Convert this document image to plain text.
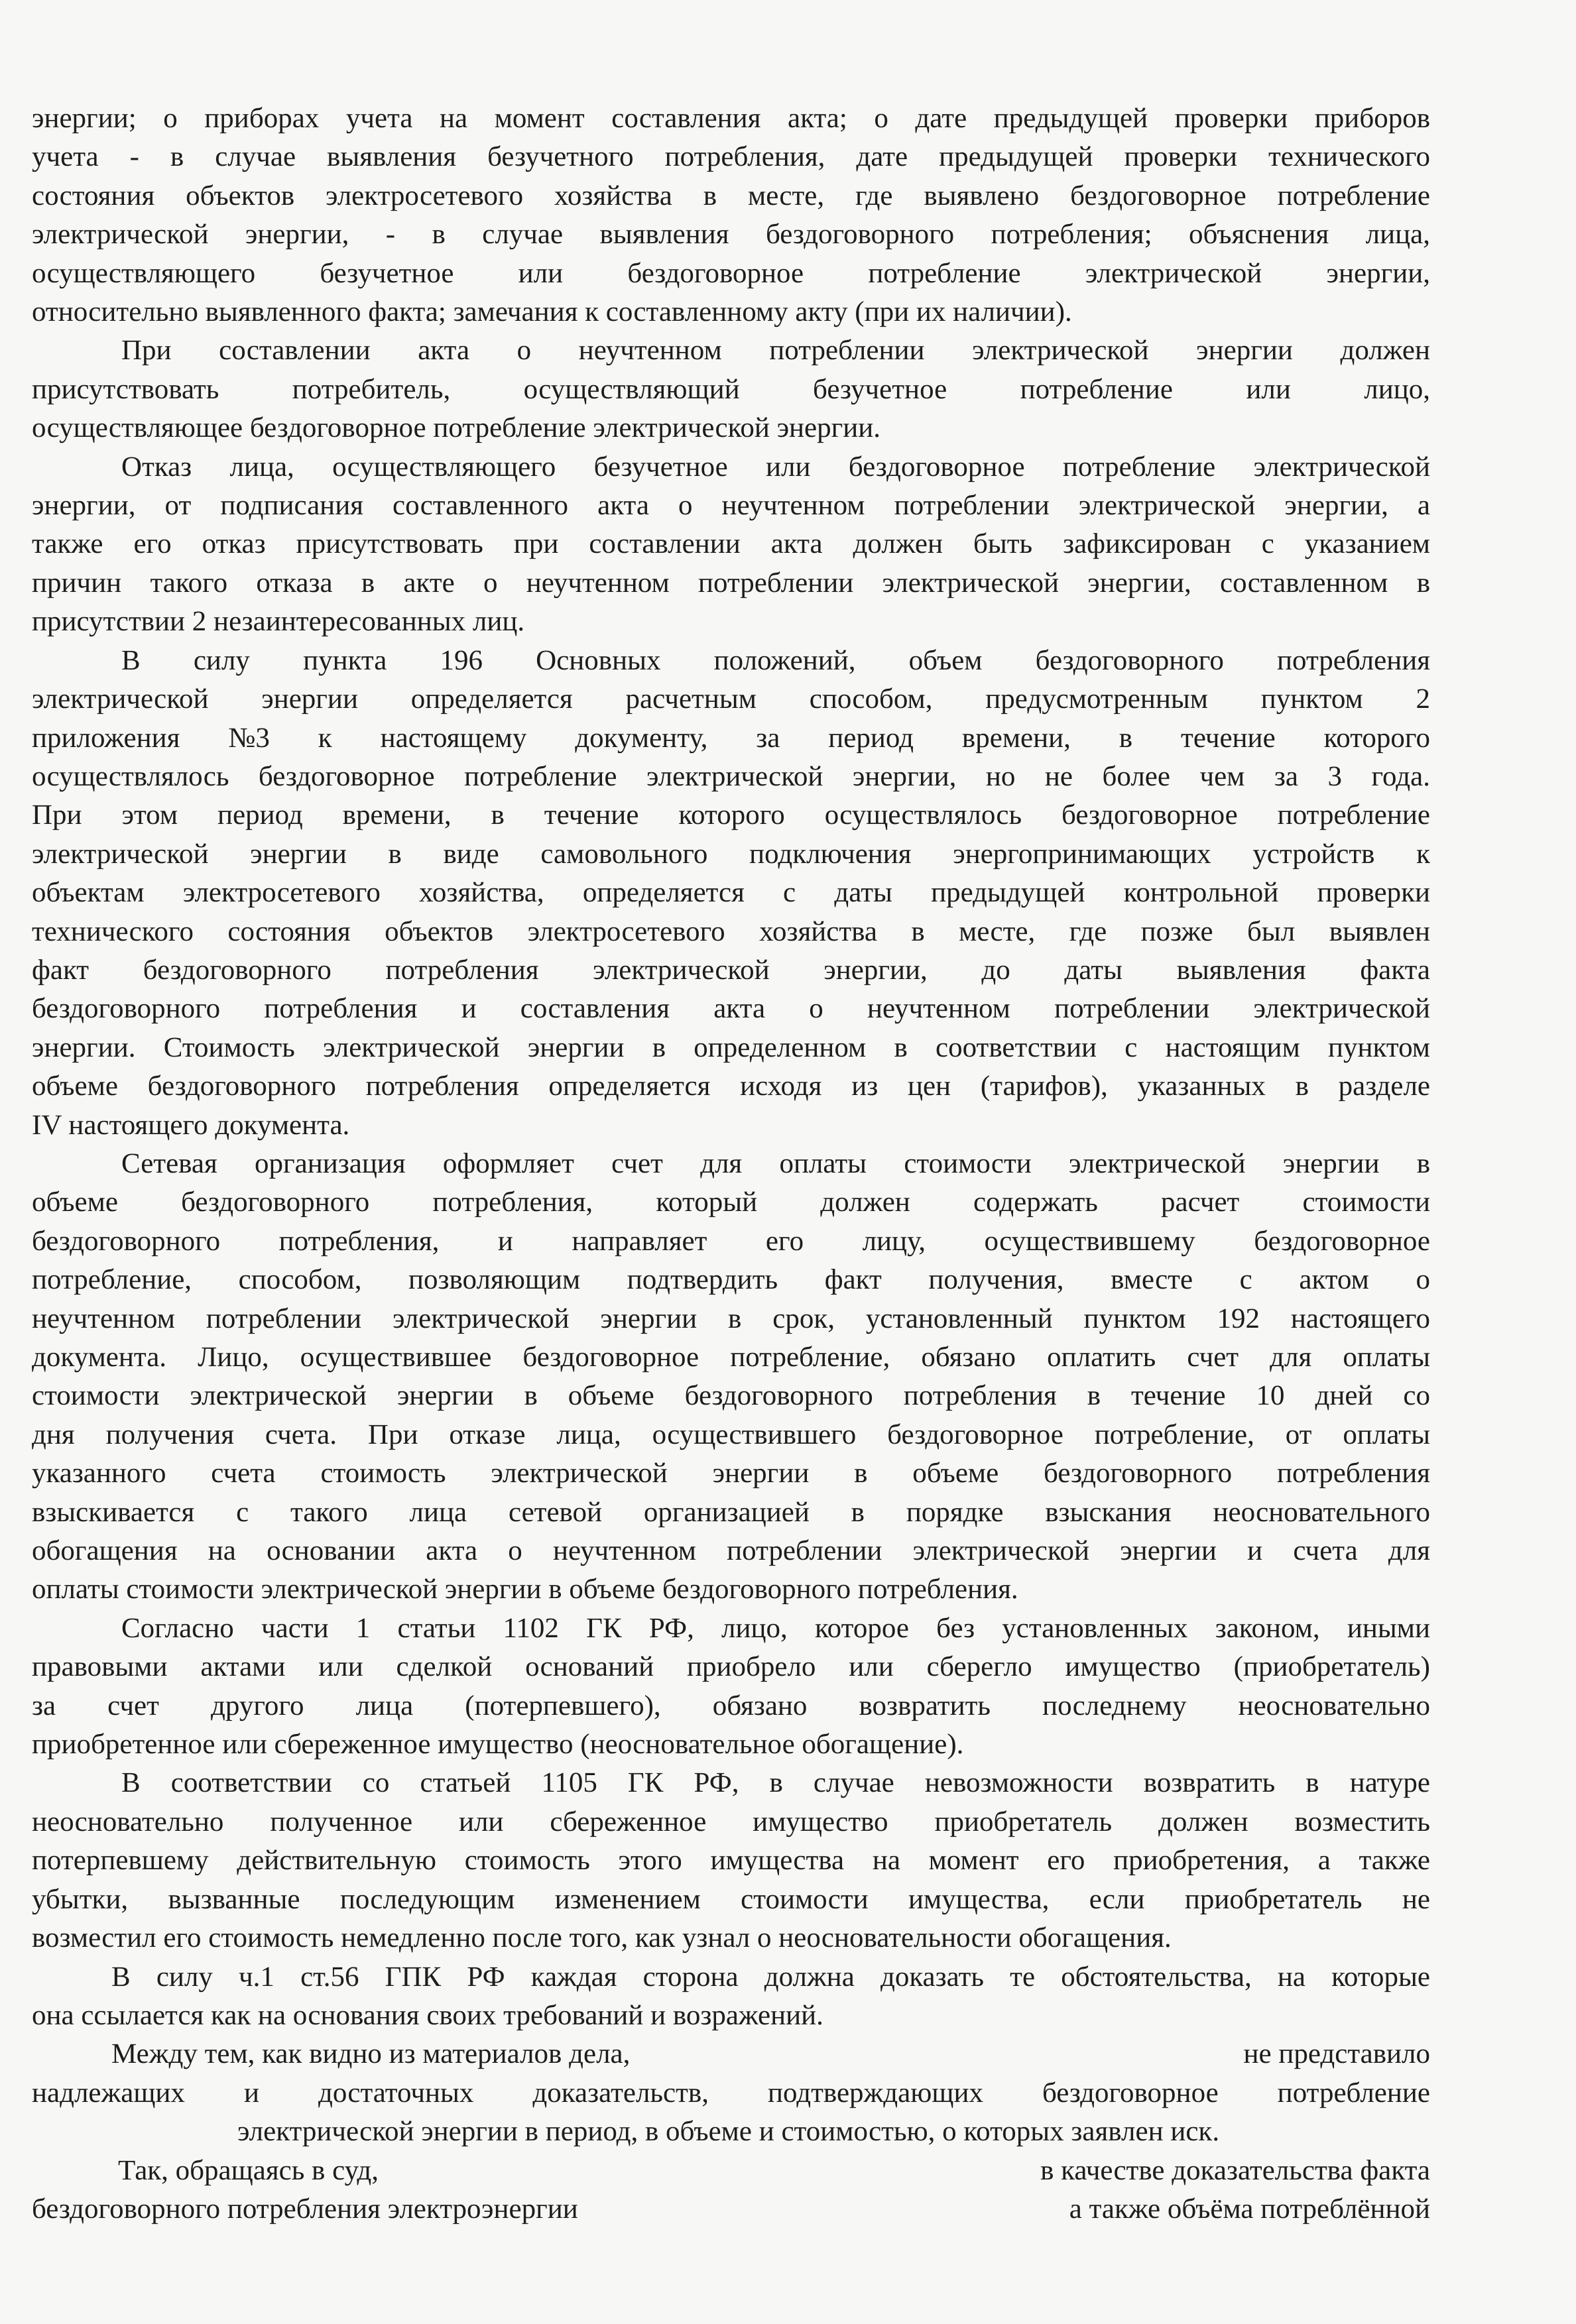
энергии; о приборах учета на момент составления акта; о дате предыдущей проверки приборов
учета - в случае выявления безучетного потребления, дате предыдущей проверки технического
состояния объектов электросетевого хозяйства в месте, где выявлено бездоговорное потребление
электрической энергии, - в случае выявления бездоговорного потребления; объяснения лица,
осуществляющего безучетное или бездоговорное потребление электрической энергии,
относительно выявленного факта; замечания к составленному акту (при их наличии).
При составлении акта о неучтенном потреблении электрической энергии должен
присутствовать потребитель, осуществляющий безучетное потребление или лицо,
осуществляющее бездоговорное потребление электрической энергии.
Отказ лица, осуществляющего безучетное или бездоговорное потребление электрической
энергии, от подписания составленного акта о неучтенном потреблении электрической энергии, а
также его отказ присутствовать при составлении акта должен быть зафиксирован с указанием
причин такого отказа в акте о неучтенном потреблении электрической энергии, составленном в
присутствии 2 незаинтересованных лиц.
В силу пункта 196 Основных положений, объем бездоговорного потребления
электрической энергии определяется расчетным способом, предусмотренным пунктом 2
приложения №3 к настоящему документу, за период времени, в течение которого
осуществлялось бездоговорное потребление электрической энергии, но не более чем за 3 года.
При этом период времени, в течение которого осуществлялось бездоговорное потребление
электрической энергии в виде самовольного подключения энергопринимающих устройств к
объектам электросетевого хозяйства, определяется с даты предыдущей контрольной проверки
технического состояния объектов электросетевого хозяйства в месте, где позже был выявлен
факт бездоговорного потребления электрической энергии, до даты выявления факта
бездоговорного потребления и составления акта о неучтенном потреблении электрической
энергии. Стоимость электрической энергии в определенном в соответствии с настоящим пунктом
объеме бездоговорного потребления определяется исходя из цен (тарифов), указанных в разделе
IV настоящего документа.
Сетевая организация оформляет счет для оплаты стоимости электрической энергии в
объеме бездоговорного потребления, который должен содержать расчет стоимости
бездоговорного потребления, и направляет его лицу, осуществившему бездоговорное
потребление, способом, позволяющим подтвердить факт получения, вместе с актом о
неучтенном потреблении электрической энергии в срок, установленный пунктом 192 настоящего
документа. Лицо, осуществившее бездоговорное потребление, обязано оплатить счет для оплаты
стоимости электрической энергии в объеме бездоговорного потребления в течение 10 дней со
дня получения счета. При отказе лица, осуществившего бездоговорное потребление, от оплаты
указанного счета стоимость электрической энергии в объеме бездоговорного потребления
взыскивается с такого лица сетевой организацией в порядке взыскания неосновательного
обогащения на основании акта о неучтенном потреблении электрической энергии и счета для
оплаты стоимости электрической энергии в объеме бездоговорного потребления.
Согласно части 1 статьи 1102 ГК РФ, лицо, которое без установленных законом, иными
правовыми актами или сделкой оснований приобрело или сберегло имущество (приобретатель)
за счет другого лица (потерпевшего), обязано возвратить последнему неосновательно
приобретенное или сбереженное имущество (неосновательное обогащение).
В соответствии со статьей 1105 ГК РФ, в случае невозможности возвратить в натуре
неосновательно полученное или сбереженное имущество приобретатель должен возместить
потерпевшему действительную стоимость этого имущества на момент его приобретения, а также
убытки, вызванные последующим изменением стоимости имущества, если приобретатель не
возместил его стоимость немедленно после того, как узнал о неосновательности обогащения.
В силу ч.1 ст.56 ГПК РФ каждая сторона должна доказать те обстоятельства, на которые
она ссылается как на основания своих требований и возражений.
Между тем, как видно из материалов дела,	не представило
надлежащих и достаточных доказательств, подтверждающих бездоговорное потребление
электрической энергии в период, в объеме и стоимостью, о которых заявлен иск.
Так, обращаясь в суд,	в качестве доказательства факта
бездоговорного потребления электроэнергии	а также объёма потреблённой
